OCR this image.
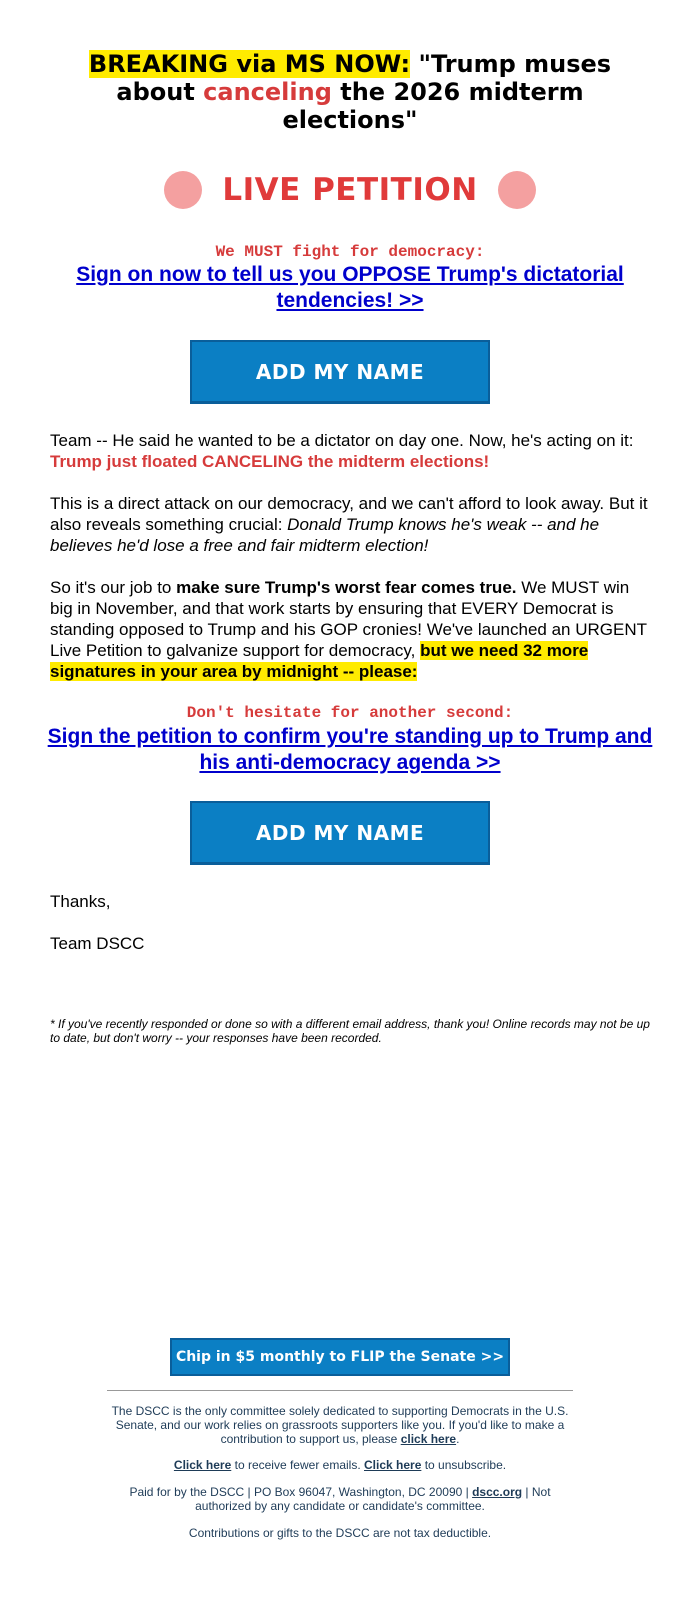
BREAKING via MS NOW: "Trump muses about canceling the 2026 midterm elections"
LIVE PETITION
We MUST fight for democracy:
Sign on now to tell us you OPPOSE Trump's dictatorial tendencies! >>
ADD MY NAME
Team -- He said he wanted to be a dictator on day one. Now, he's acting on it: Trump just floated CANCELING the midterm elections!
This is a direct attack on our democracy, and we can't afford to look away. But it also reveals something crucial: Donald Trump knows he's weak -- and he believes he'd lose a free and fair midterm election!
So it's our job to make sure Trump's worst fear comes true. We MUST win big in November, and that work starts by ensuring that EVERY Democrat is standing opposed to Trump and his GOP cronies! We've launched an URGENT Live Petition to galvanize support for democracy, but we need 32 more signatures in your area by midnight -- please:
Don't hesitate for another second:
Sign the petition to confirm you're standing up to Trump and his anti-democracy agenda >>
ADD MY NAME
Thanks,
Team DSCC
* If you've recently responded or done so with a different email address, thank you! Online records may not be up to date, but don't worry -- your responses have been recorded.
Chip in $5 monthly to FLIP the Senate >>
The DSCC is the only committee solely dedicated to supporting Democrats in the U.S. Senate, and our work relies on grassroots supporters like you. If you'd like to make a contribution to support us, please click here.
Click here to receive fewer emails. Click here to unsubscribe.
Paid for by the DSCC | PO Box 96047, Washington, DC 20090 | dscc.org | Not authorized by any candidate or candidate's committee.
Contributions or gifts to the DSCC are not tax deductible.
